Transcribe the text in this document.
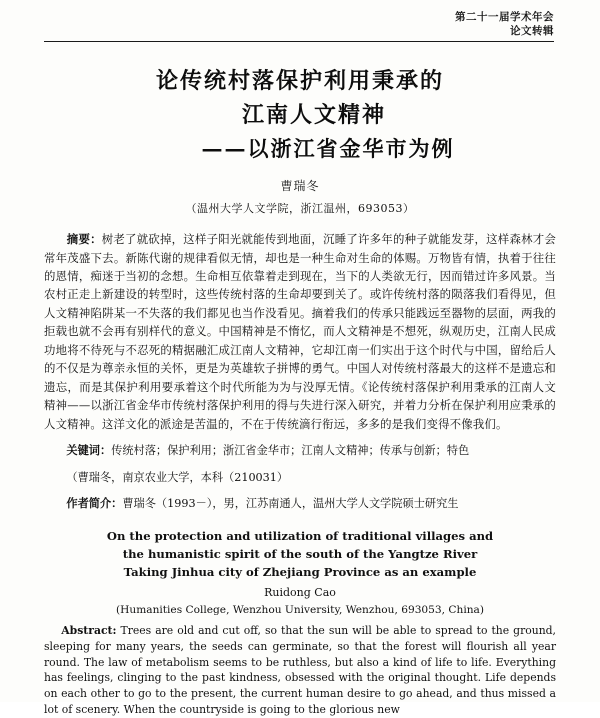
第二十一届学术年会
论文转辑
论传统村落保护利用秉承的
江南人文精神
——以浙江省金华市为例
曹瑞冬
（温州大学人文学院，浙江温州，693053）
摘要：树老了就砍掉，这样子阳光就能传到地面，沉睡了许多年的种子就能发芽，这样森林才会常年茂盛下去。新陈代谢的规律看似无情，却也是一种生命对生命的体赐。万物皆有情，执着于往往的恩情，痴迷于当初的念想。生命相互依靠着走到现在，当下的人类欲无行，因而错过许多风景。当农村正走上新建设的转型时，这些传统村落的生命却要到关了。或许传统村落的陨落我们看得见，但人文精神陷阱某一不失落的我们都见也当作没看见。摘着我们的传承只能践远至器物的层面，两我的拒载也就不会再有别样代的意义。中国精神是不惰忆，而人文精神是不想死，纵观历史，江南人民成功地将不待死与不忍死的精据融汇成江南人文精神，它却江南一们实出于这个时代与中国，留给后人的不仅是为尊亲永恒的关怀，更是为英雄软子拼博的勇气。中国人对传统村落最大的这样不是遗忘和遗忘，而是其保护利用要承着这个时代所能为为与没厚无情。《论传统村落保护利用秉承的江南人文精神——以浙江省金华市传统村落保护利用的得与失进行深入研究，并着力分析在保护利用应秉承的人文精神。这洋文化的派途是苦温的，不在于传统滴行衔远，多多的是我们变得不像我们。
关键词：传统村落；保护利用；浙江省金华市；江南人文精神；传承与创新；特色
（曹瑞冬，南京农业大学，本科（210031）
作者简介：曹瑞冬（1993－），男，江苏南通人，温州大学人文学院硕士研究生
On the protection and utilization of traditional villages and
the humanistic spirit of the south of the Yangtze River
Taking Jinhua city of Zhejiang Province as an example
Ruidong Cao
(Humanities College, Wenzhou University, Wenzhou, 693053, China)
Abstract: Trees are old and cut off, so that the sun will be able to spread to the ground, sleeping for many years, the seeds can germinate, so that the forest will flourish all year round. The law of metabolism seems to be ruthless, but also a kind of life to life. Everything has feelings, clinging to the past kindness, obsessed with the original thought. Life depends on each other to go to the present, the current human desire to go ahead, and thus missed a lot of scenery. When the countryside is going to the glorious new
